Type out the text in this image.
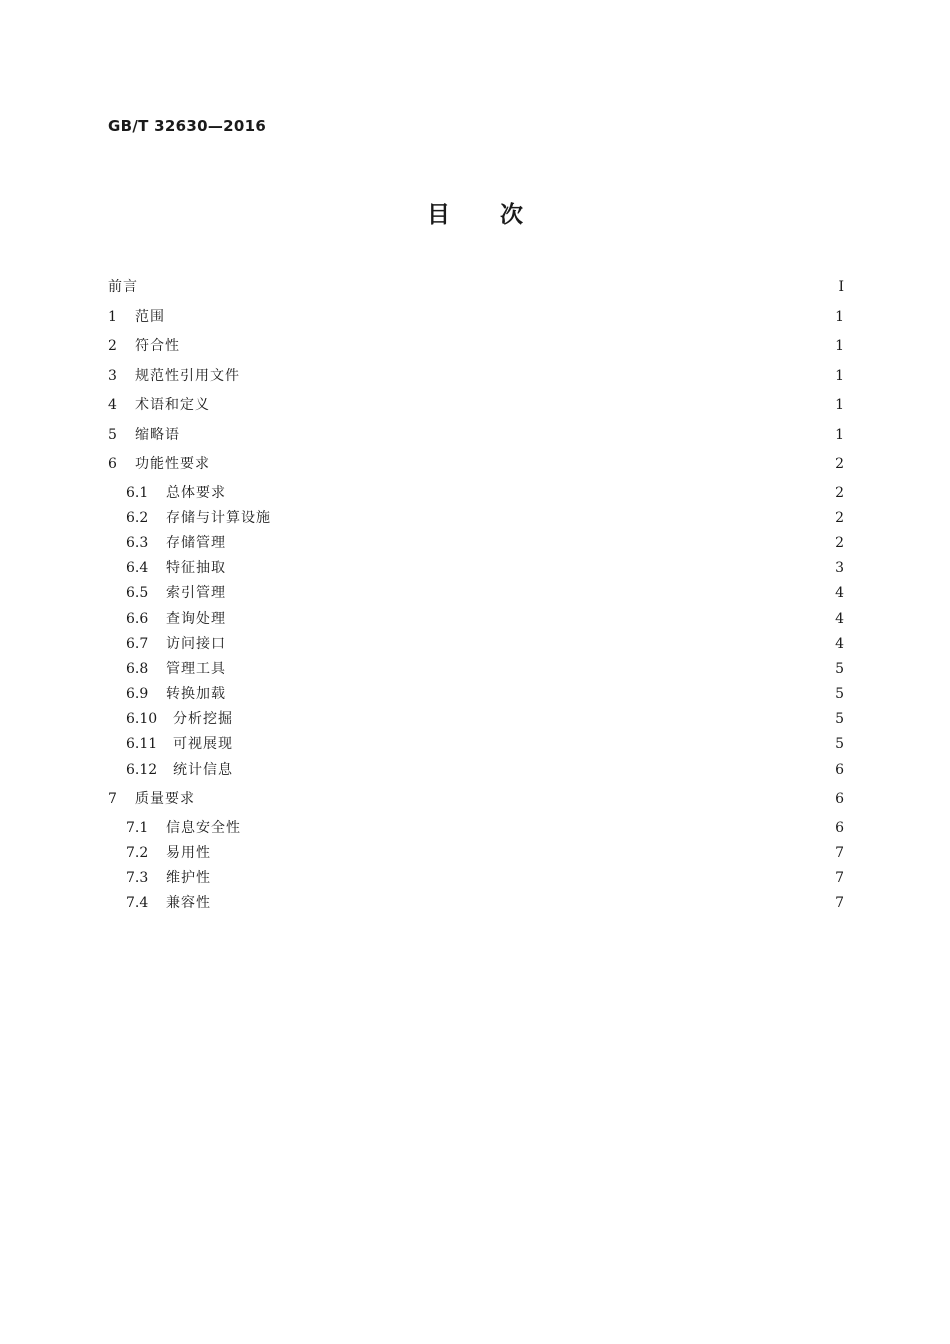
GB/T 32630—2016
目次
前言	I
1	范围	1
2	符合性	1
3	规范性引用文件	1
4	术语和定义	1
5	缩略语	1
6	功能性要求	2
6.1	总体要求	2
6.2	存储与计算设施	2
6.3	存储管理	2
6.4	特征抽取	3
6.5	索引管理	4
6.6	查询处理	4
6.7	访问接口	4
6.8	管理工具	5
6.9	转换加载	5
6.10	分析挖掘	5
6.11	可视展现	5
6.12	统计信息	6
7	质量要求	6
7.1	信息安全性	6
7.2	易用性	7
7.3	维护性	7
7.4	兼容性	7
